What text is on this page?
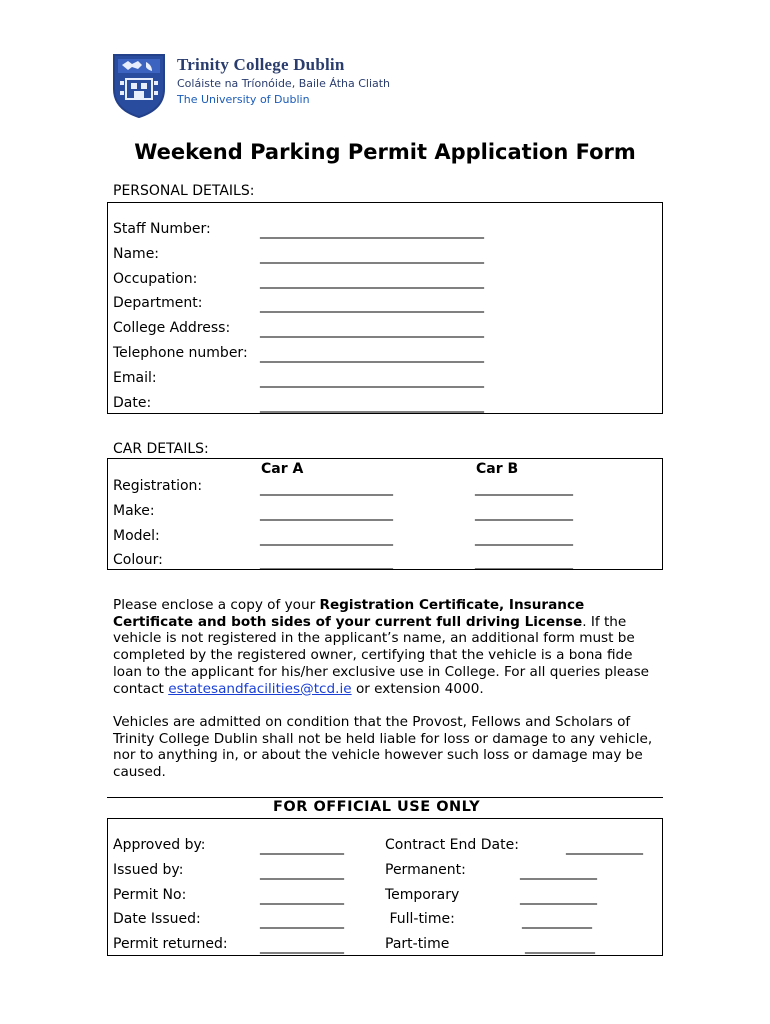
Trinity College Dublin
Coláiste na Tríonóide, Baile Átha Cliath
The University of Dublin
Weekend Parking Permit Application Form
PERSONAL DETAILS:
Staff Number:	________________________________
Name:	________________________________
Occupation:	________________________________
Department:	________________________________
College Address: ________________________________
Telephone number: ________________________________
Email:	________________________________
Date:	________________________________
CAR DETAILS:
Car A	Car B
Registration:	___________________	______________
Make:	___________________	______________
Model:	___________________	______________
Colour:	___________________	______________
Please enclose a copy of your Registration Certificate, Insurance Certificate and both sides of your current full driving License. If the vehicle is not registered in the applicant’s name, an additional form must be completed by the registered owner, certifying that the vehicle is a bona fide loan to the applicant for his/her exclusive use in College. For all queries please contact estatesandfacilities@tcd.ie or extension 4000.
Vehicles are admitted on condition that the Provost, Fellows and Scholars of Trinity College Dublin shall not be held liable for loss or damage to any vehicle, nor to anything in, or about the vehicle however such loss or damage may be caused.
FOR OFFICIAL USE ONLY
Approved by:	____________
Issued by:	____________
Permit No:	____________
Date Issued:	____________
Permit returned: ____________
Contract End Date:	___________
Permanent:	___________
Temporary	___________
Full-time:	__________
Part-time	__________
